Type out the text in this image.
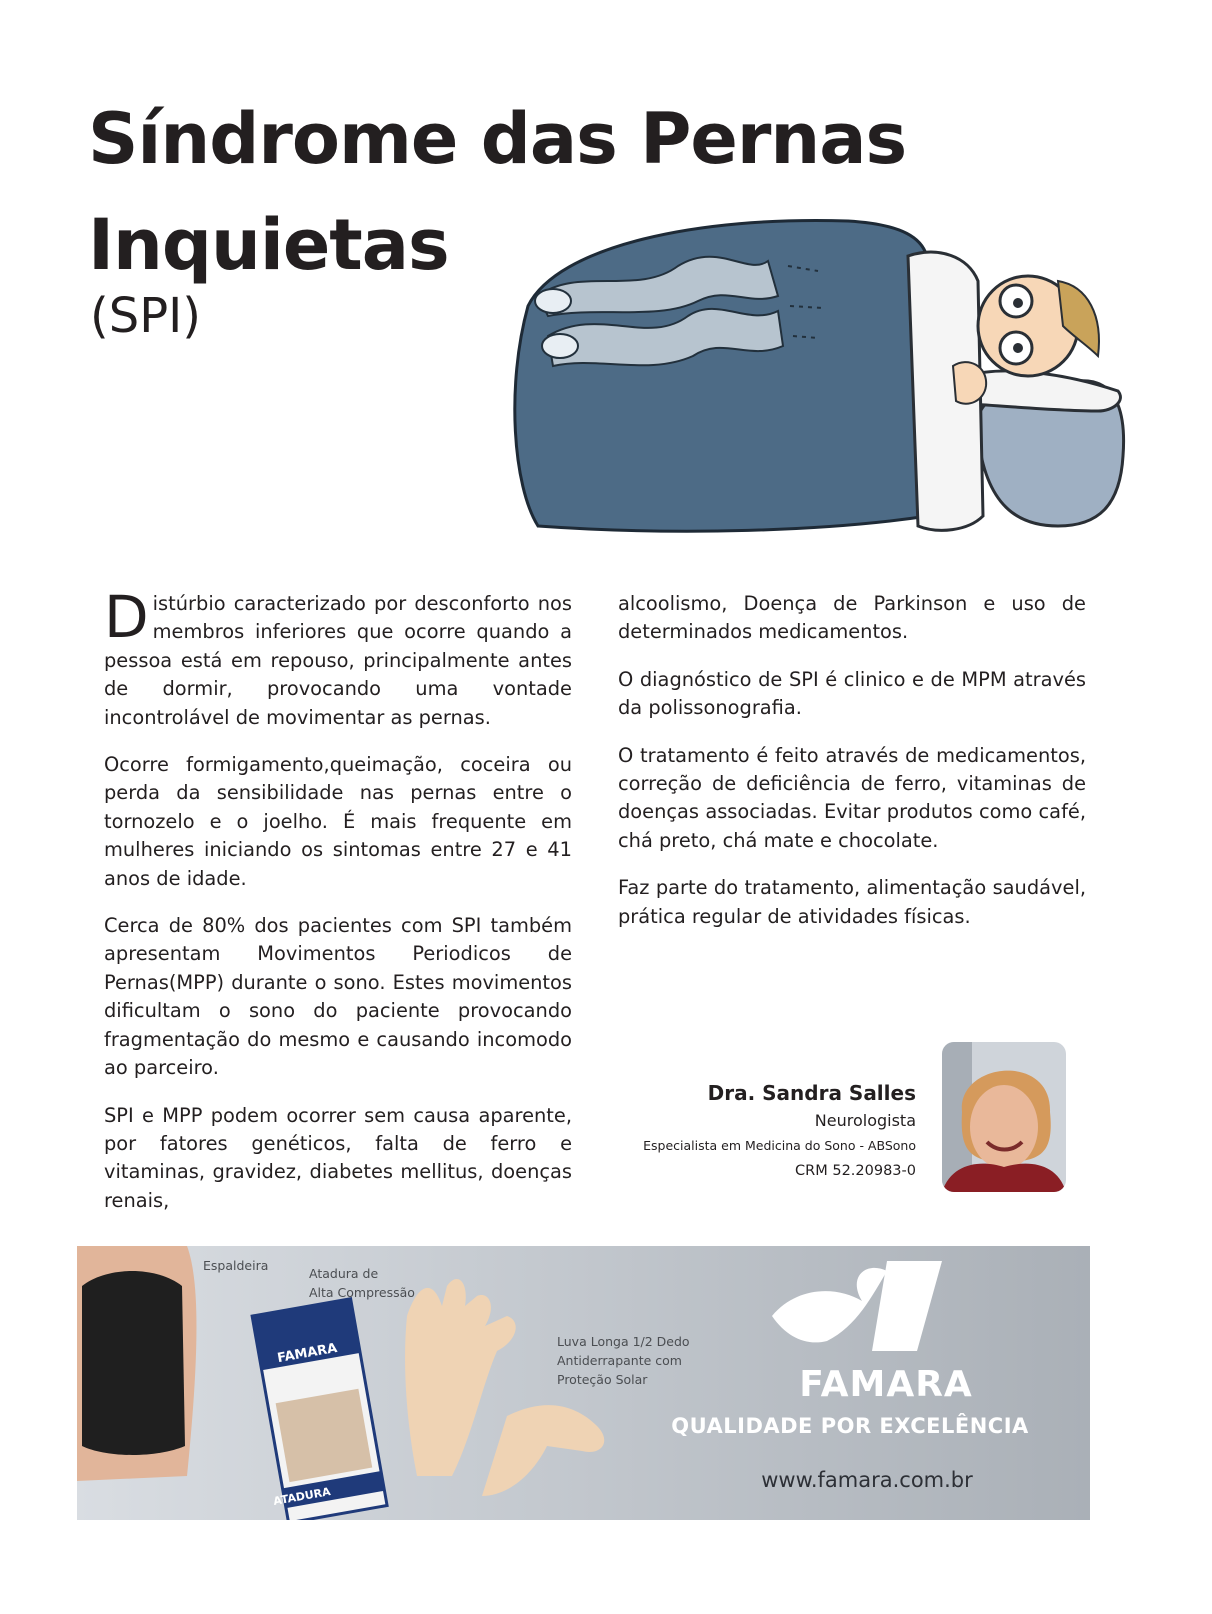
Síndrome das Pernas Inquietas
(SPI)

Distúrbio caracterizado por desconforto nos membros inferiores que ocorre quando a pessoa está em repouso, principalmente antes de dormir, provocando uma vontade incontrolável de movimentar as pernas.

Ocorre formigamento,queimação, coceira ou perda da sensibilidade nas pernas entre o tornozelo e o joelho. É mais frequente em mulheres iniciando os sintomas entre 27 e 41 anos de idade.

Cerca de 80% dos pacientes com SPI também apresentam Movimentos Periodicos de Pernas(MPP) durante o sono. Estes movimentos dificultam o sono do paciente provocando fragmentação do mesmo e causando incomodo ao parceiro.

SPI e MPP podem ocorrer sem causa aparente, por fatores genéticos, falta de ferro e vitaminas, gravidez, diabetes mellitus, doenças renais,

alcoolismo, Doença de Parkinson e uso de determinados medicamentos.

O diagnóstico de SPI é clinico e de MPM através da polissonografia.

O tratamento é feito através de medicamentos, correção de deficiência de ferro, vitaminas de doenças associadas. Evitar produtos como café, chá preto, chá mate e chocolate.

Faz parte do tratamento, alimentação saudável, prática regular de atividades físicas.

Dra. Sandra Salles
Neurologista
Especialista em Medicina do Sono - ABSono
CRM 52.20983-0
Espaldeira
Atadura de
Alta Compressão
Luva Longa 1/2 Dedo
Antiderrapante com
Proteção Solar
FAMARA
ATADURA
FAMARA
QUALIDADE POR EXCELÊNCIA
www.famara.com.br
